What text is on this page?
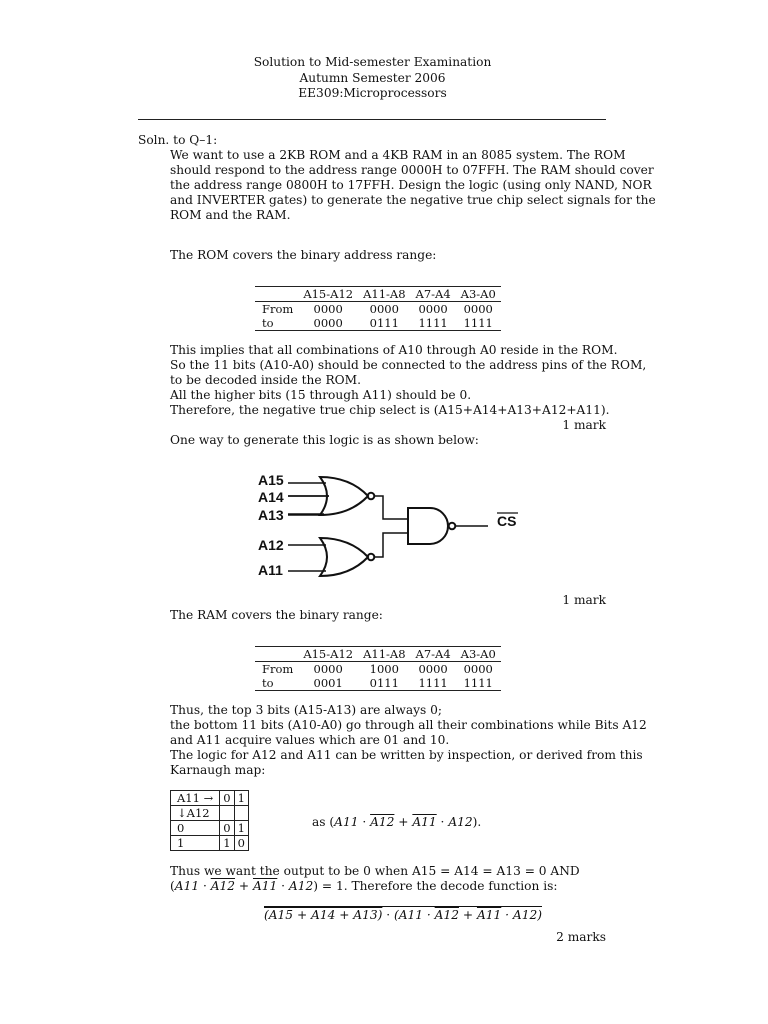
Solution to Mid-semester Examination
Autumn Semester 2006
EE309:Microprocessors
Soln. to Q–1:
We want to use a 2KB ROM and a 4KB RAM in an 8085 system. The ROM
should respond to the address range 0000H to 07FFH. The RAM should cover
the address range 0800H to 17FFH. Design the logic (using only NAND, NOR
and INVERTER gates) to generate the negative true chip select signals for the
ROM and the RAM.
The ROM covers the binary address range:
	A15-A12	A11-A8	A7-A4	A3-A0
From	0000	0000	0000	0000
to	0000	0111	1111	1111
This implies that all combinations of A10 through A0 reside in the ROM.
So the 11 bits (A10-A0) should be connected to the address pins of the ROM,
to be decoded inside the ROM.
All the higher bits (15 through A11) should be 0.
Therefore, the negative true chip select is (A15+A14+A13+A12+A11).
1 mark
One way to generate this logic is as shown below:
A15
A14
A13
A12
A11
CS
1 mark
The RAM covers the binary range:
	A15-A12	A11-A8	A7-A4	A3-A0
From	0000	1000	0000	0000
to	0001	0111	1111	1111
Thus, the top 3 bits (A15-A13) are always 0;
the bottom 11 bits (A10-A0) go through all their combinations while Bits A12
and A11 acquire values which are 01 and 10.
The logic for A12 and A11 can be written by inspection, or derived from this
Karnaugh map:
A11 →	0	1
↓A12		
0	0	1
1	1	0
as (A11 · A12 + A11 · A12).
Thus we want the output to be 0 when A15 = A14 = A13 = 0 AND
(A11 · A12 + A11 · A12) = 1. Therefore the decode function is:
(A15 + A14 + A13) · (A11 · A12 + A11 · A12)
2 marks
